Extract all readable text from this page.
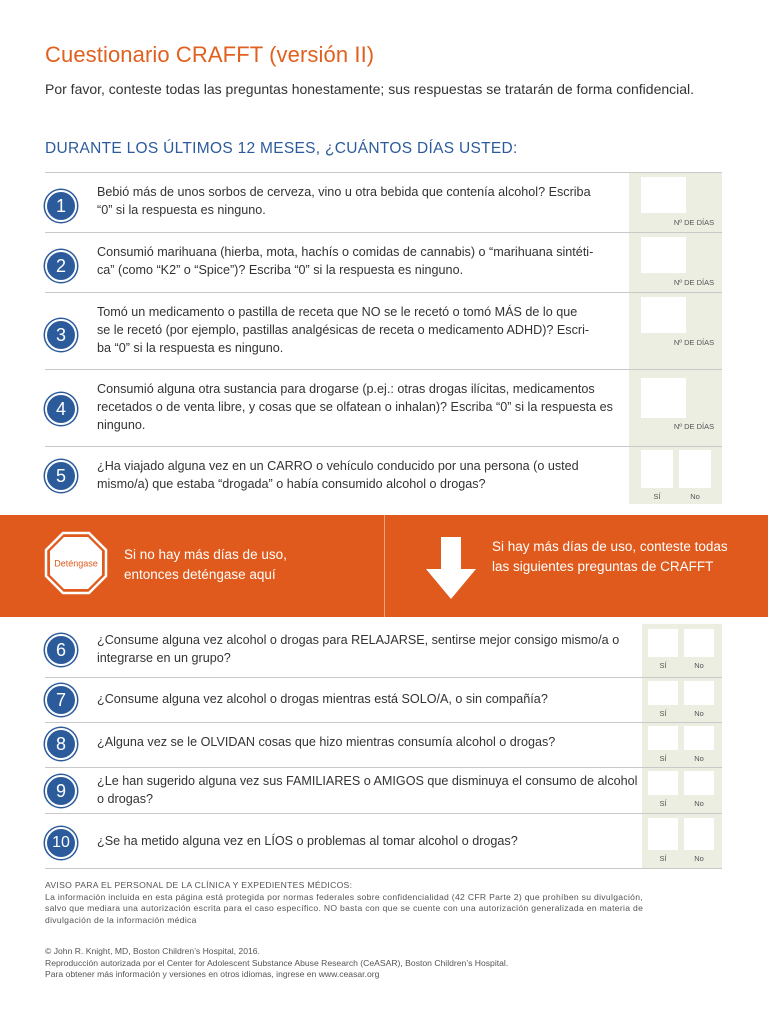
Cuestionario CRAFFT (versión II)
Por favor, conteste todas las preguntas honestamente; sus respuestas se tratarán de forma confidencial.
DURANTE LOS ÚLTIMOS 12 MESES, ¿CUÁNTOS DÍAS USTED:
1
Bebió más de unos sorbos de cerveza, vino u otra bebida que contenía alcohol? Escriba
“0” si la respuesta es ninguno.
Nº DE DÍAS
2
Consumió marihuana (hierba, mota, hachís o comidas de cannabis) o “marihuana sintéti-
ca” (como “K2” o “Spice”)? Escriba “0” si la respuesta es ninguno.
Nº DE DÍAS
3
Tomó un medicamento o pastilla de receta que NO se le recetó o tomó MÁS de lo que
se le recetó (por ejemplo, pastillas analgésicas de receta o medicamento ADHD)? Escri-
ba “0” si la respuesta es ninguno.	Nº DE DÍAS
4
Consumió alguna otra sustancia para drogarse (p.ej.: otras drogas ilícitas, medicamentos
recetados o de venta libre, y cosas que se olfatean o inhalan)? Escriba “0” si la respuesta es
ninguno.	Nº DE DÍAS
5	¿Ha viajado alguna vez en un CARRO o vehículo conducido por una persona (o usted
mismo/a) que estaba “drogada” o había consumido alcohol o drogas?
SÍ	No
Deténgase
Si no hay más días de uso,
entonces deténgase aquí
Si hay más días de uso, conteste todas
las siguientes preguntas de CRAFFT
6	¿Consume alguna vez alcohol o drogas para RELAJARSE, sentirse mejor consigo mismo/a o
integrarse en un grupo?
SÍ	No
7	¿Consume alguna vez alcohol o drogas mientras está SOLO/A, o sin compañía?
SÍ	No
8	¿Alguna vez se le OLVIDAN cosas que hizo mientras consumía alcohol o drogas?
SÍ	No
9	¿Le han sugerido alguna vez sus FAMILIARES o AMIGOS que disminuya el consumo de alcohol
o drogas?	SÍ	No
10	¿Se ha metido alguna vez en LÍOS o problemas al tomar alcohol o drogas?
SÍ	No
AVISO PARA EL PERSONAL DE LA CLÍNICA Y EXPEDIENTES MÉDICOS:
La información incluida en esta página está protegida por normas federales sobre confidencialidad (42 CFR Parte 2) que prohíben su divulgación,
salvo que mediara una autorización escrita para el caso específico. NO basta con que se cuente con una autorización generalizada en materia de
divulgación de la información médica
© John R. Knight, MD, Boston Children’s Hospital, 2016.
Reproducción autorizada por el Center for Adolescent Substance Abuse Research (CeASAR), Boston Children’s Hospital.
Para obtener más información y versiones en otros idiomas, ingrese en www.ceasar.org
